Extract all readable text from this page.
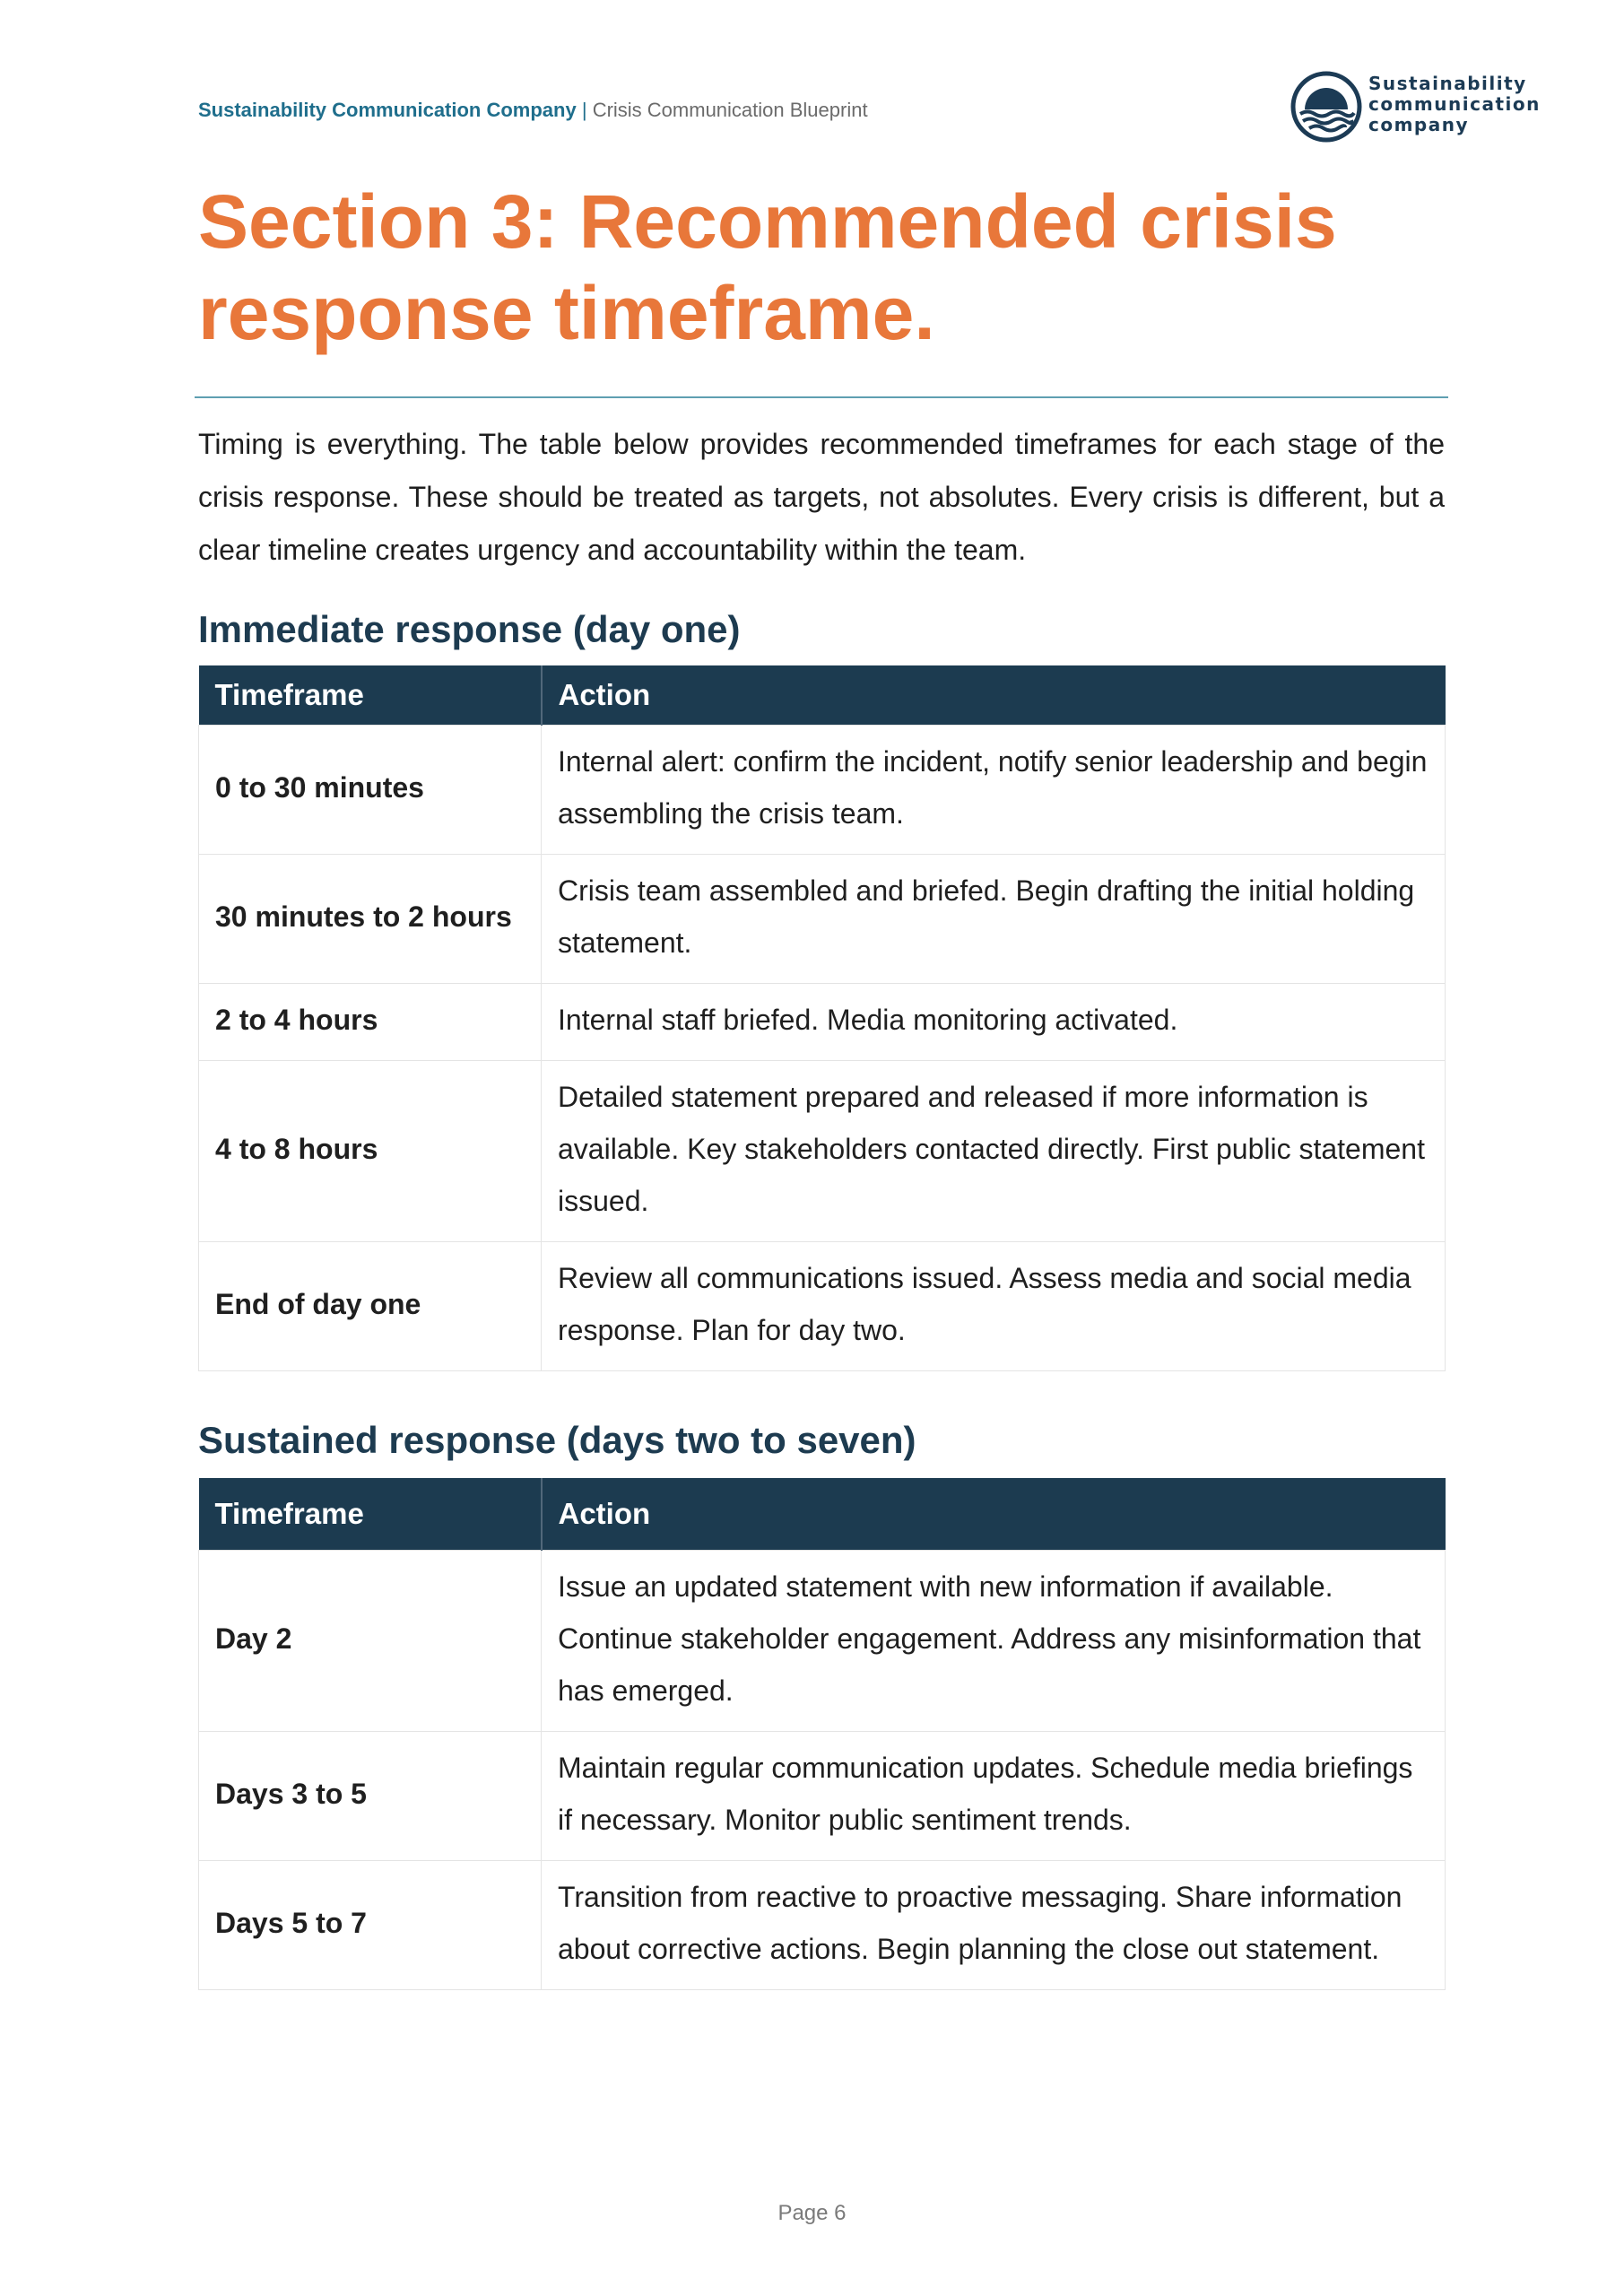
Sustainability Communication Company | Crisis Communication Blueprint
Sustainability
communication
company
Section 3: Recommended crisis response timeframe.

Timing is everything. The table below provides recommended timeframes for each stage of the crisis response. These should be treated as targets, not absolutes. Every crisis is different, but a clear timeline creates urgency and accountability within the team.

Immediate response (day one)
Timeframe	Action
0 to 30 minutes	Internal alert: confirm the incident, notify senior leadership and begin assembling the crisis team.
30 minutes to 2 hours	Crisis team assembled and briefed. Begin drafting the initial holding statement.
2 to 4 hours	Internal staff briefed. Media monitoring activated.
4 to 8 hours	Detailed statement prepared and released if more information is available. Key stakeholders contacted directly. First public statement issued.
End of day one	Review all communications issued. Assess media and social media response. Plan for day two.
Sustained response (days two to seven)
Timeframe	Action
Day 2	Issue an updated statement with new information if available. Continue stakeholder engagement. Address any misinformation that has emerged.
Days 3 to 5	Maintain regular communication updates. Schedule media briefings if necessary. Monitor public sentiment trends.
Days 5 to 7	Transition from reactive to proactive messaging. Share information about corrective actions. Begin planning the close out statement.
Page 6
